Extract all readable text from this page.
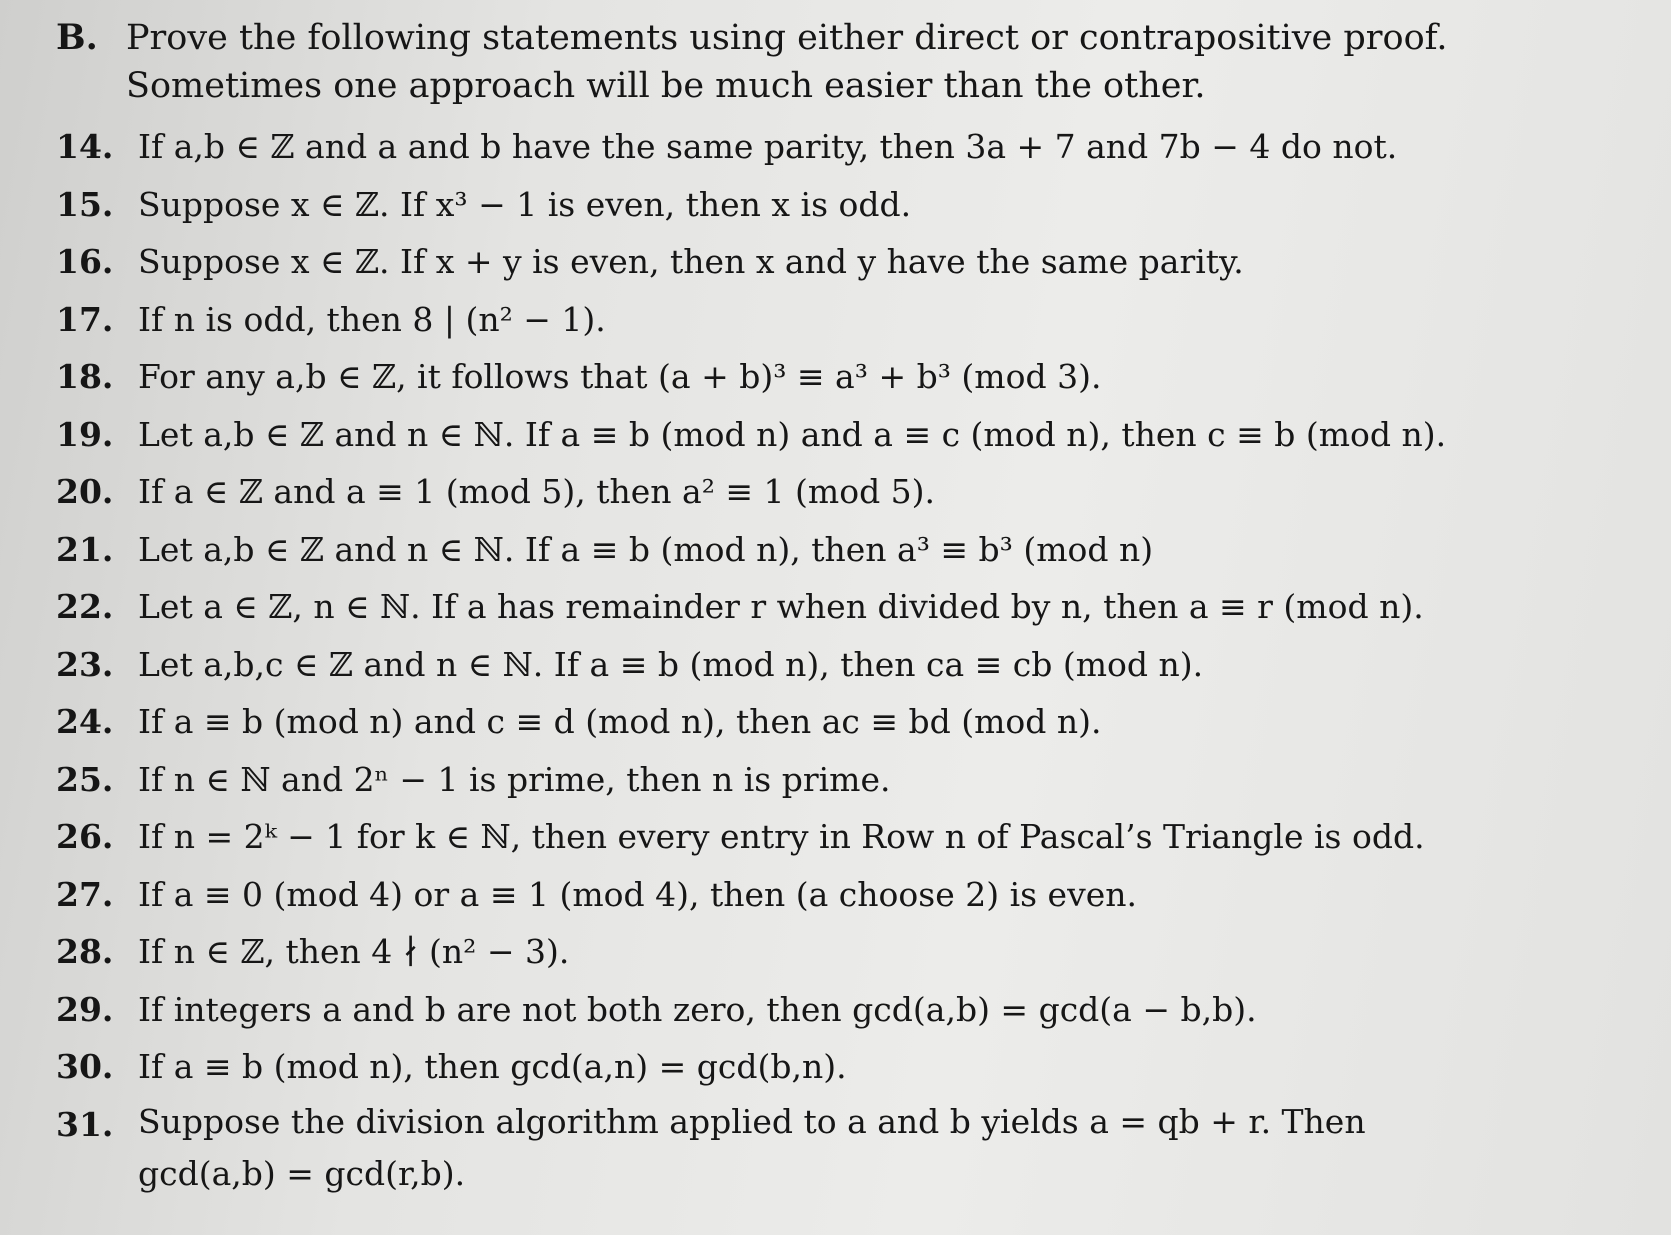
B. Prove the following statements using either direct or contrapositive proof.
Sometimes one approach will be much easier than the other.
14. If a,b ∈ ℤ and a and b have the same parity, then 3a + 7 and 7b − 4 do not.
15. Suppose x ∈ ℤ. If x³ − 1 is even, then x is odd.
16. Suppose x ∈ ℤ. If x + y is even, then x and y have the same parity.
17. If n is odd, then 8 | (n² − 1).
18. For any a,b ∈ ℤ, it follows that (a + b)³ ≡ a³ + b³ (mod 3).
19. Let a,b ∈ ℤ and n ∈ ℕ. If a ≡ b (mod n) and a ≡ c (mod n), then c ≡ b (mod n).
20. If a ∈ ℤ and a ≡ 1 (mod 5), then a² ≡ 1 (mod 5).
21. Let a,b ∈ ℤ and n ∈ ℕ. If a ≡ b (mod n), then a³ ≡ b³ (mod n)
22. Let a ∈ ℤ, n ∈ ℕ. If a has remainder r when divided by n, then a ≡ r (mod n).
23. Let a,b,c ∈ ℤ and n ∈ ℕ. If a ≡ b (mod n), then ca ≡ cb (mod n).
24. If a ≡ b (mod n) and c ≡ d (mod n), then ac ≡ bd (mod n).
25. If n ∈ ℕ and 2ⁿ − 1 is prime, then n is prime.
26. If n = 2ᵏ − 1 for k ∈ ℕ, then every entry in Row n of Pascal’s Triangle is odd.
27. If a ≡ 0 (mod 4) or a ≡ 1 (mod 4), then (a choose 2) is even.
28. If n ∈ ℤ, then 4 ∤ (n² − 3).
29. If integers a and b are not both zero, then gcd(a,b) = gcd(a − b,b).
30. If a ≡ b (mod n), then gcd(a,n) = gcd(b,n).
31. Suppose the division algorithm applied to a and b yields a = qb + r. Then gcd(a,b) = gcd(r,b).
